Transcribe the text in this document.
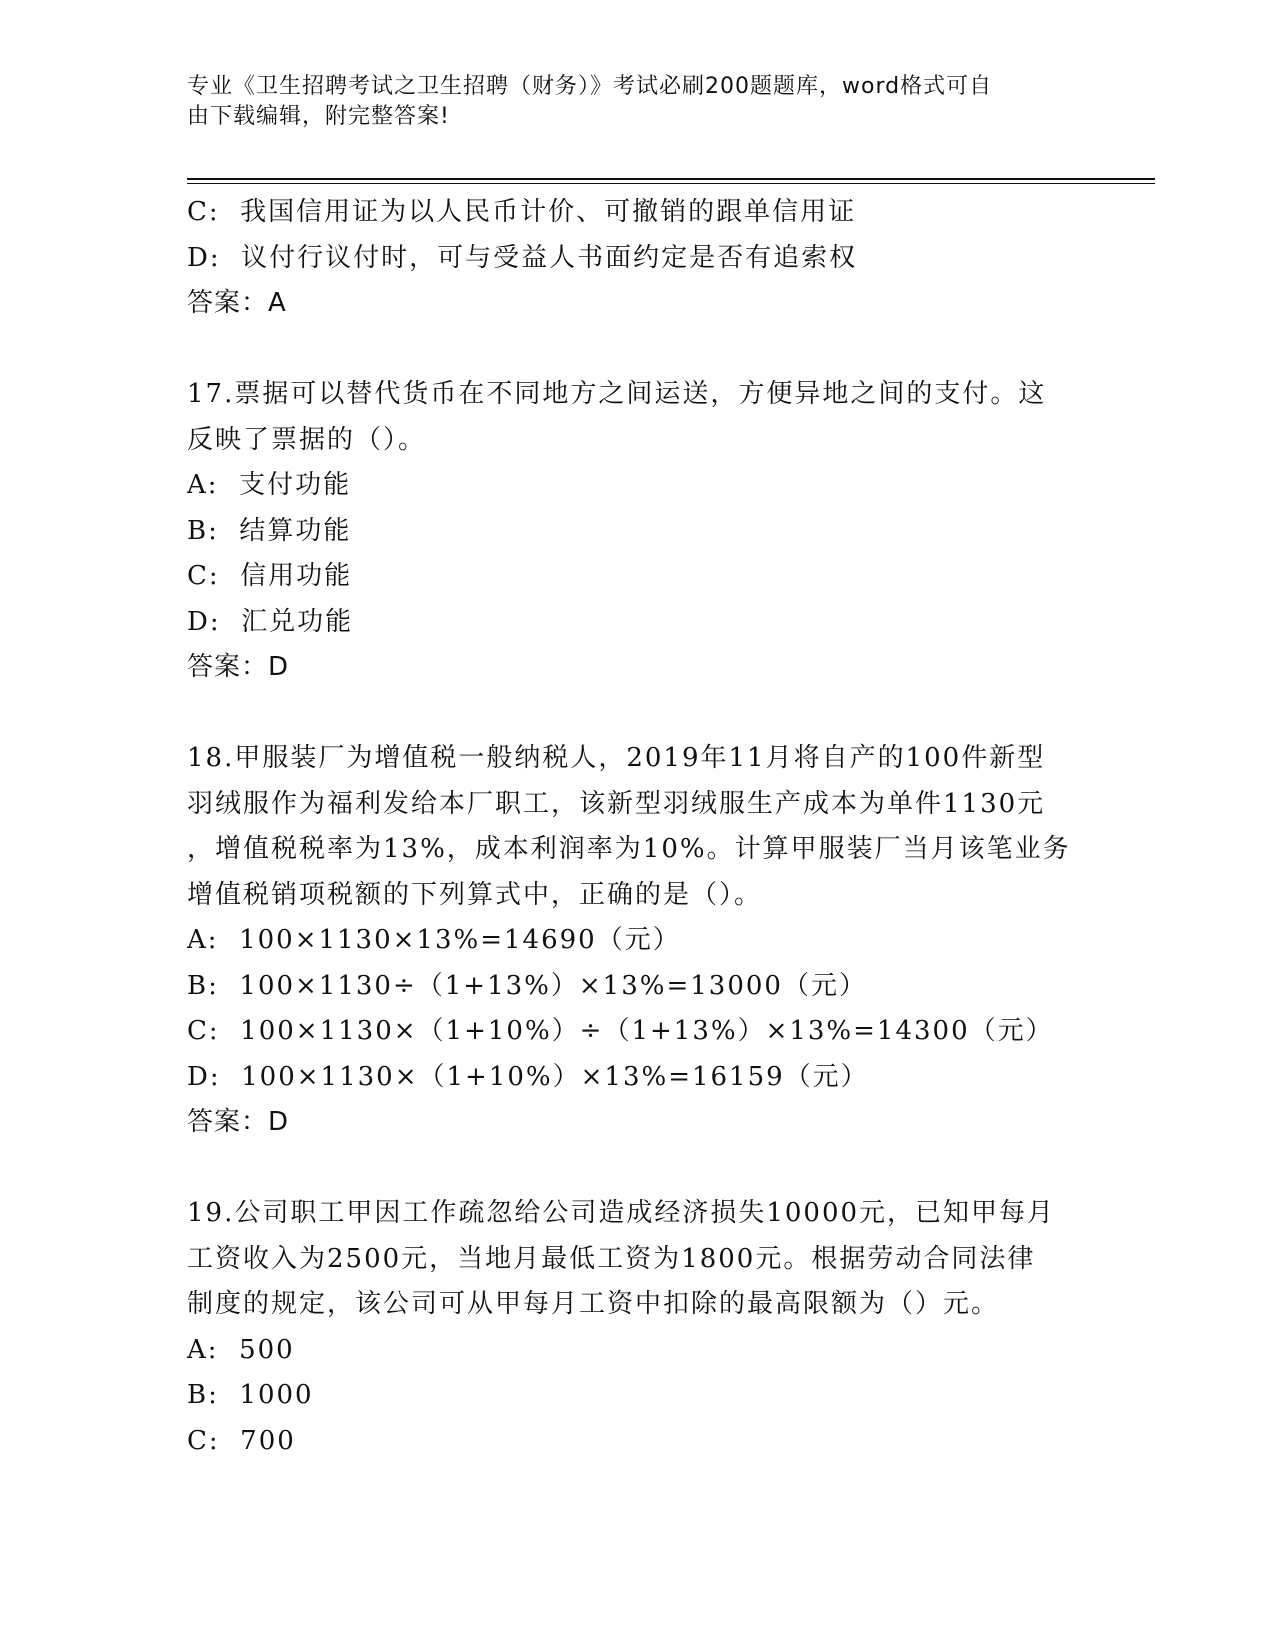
专业《卫生招聘考试之卫生招聘（财务）》考试必刷200题题库，word格式可自
由下载编辑，附完整答案!
C:  我国信用证为以人民币计价、可撤销的跟单信用证
D:  议付行议付时，可与受益人书面约定是否有追索权
答案：A
17.票据可以替代货币在不同地方之间运送，方便异地之间的支付。这
反映了票据的（）。
A:  支付功能
B:  结算功能
C:  信用功能
D:  汇兑功能
答案：D
18.甲服装厂为增值税一般纳税人，2019年11月将自产的100件新型
羽绒服作为福利发给本厂职工，该新型羽绒服生产成本为单件1130元
，增值税税率为13%，成本利润率为10%。计算甲服装厂当月该笔业务
增值税销项税额的下列算式中，正确的是（）。
A:  100×1130×13%=14690（元）
B:  100×1130÷（1+13%）×13%=13000（元）
C:  100×1130×（1+10%）÷（1+13%）×13%=14300（元）
D:  100×1130×（1+10%）×13%=16159（元）
答案：D
19.公司职工甲因工作疏忽给公司造成经济损失10000元，已知甲每月
工资收入为2500元，当地月最低工资为1800元。根据劳动合同法律
制度的规定，该公司可从甲每月工资中扣除的最高限额为（）元。
A:  500
B:  1000
C:  700
